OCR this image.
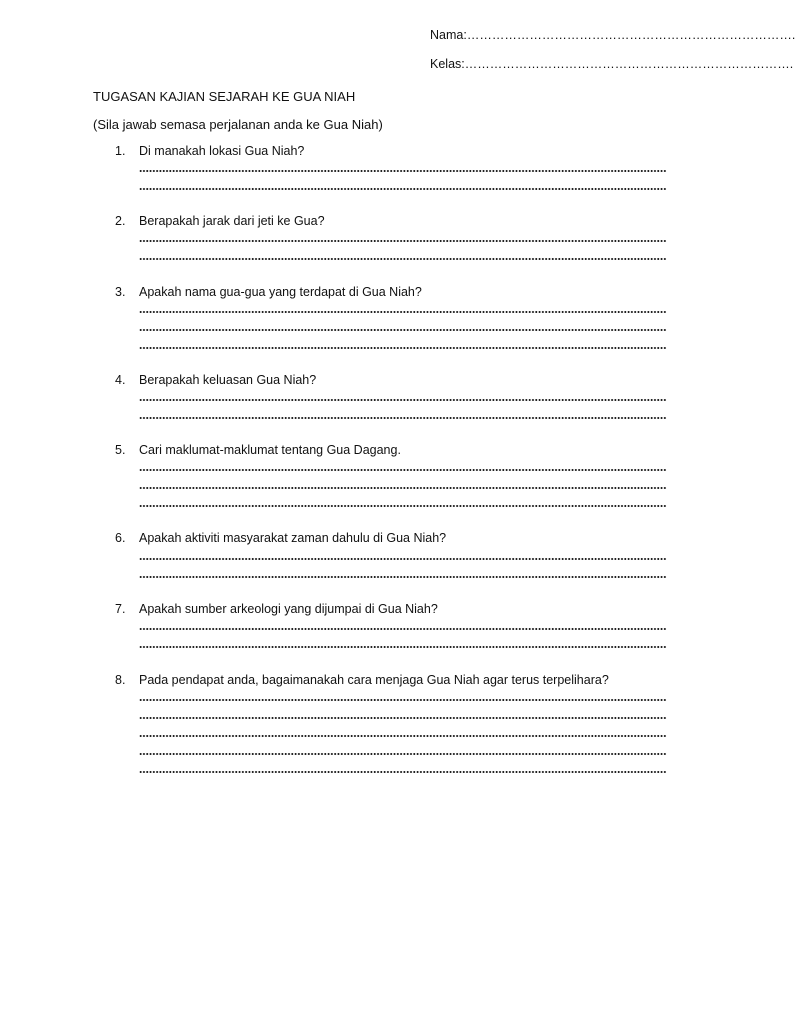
Nama:…………………………………………………………………….
Kelas:…………………………………………………………………….
TUGASAN KAJIAN SEJARAH KE GUA NIAH
(Sila jawab semasa perjalanan anda ke Gua Niah)
1.	Di manakah lokasi Gua Niah?
2.	Berapakah jarak dari jeti ke Gua?
3.	Apakah nama gua-gua yang terdapat di Gua Niah?
4.	Berapakah keluasan Gua Niah?
5.	Cari maklumat-maklumat tentang Gua Dagang.
6.	Apakah aktiviti masyarakat zaman dahulu di Gua Niah?
7.	Apakah sumber arkeologi yang dijumpai di Gua Niah?
8.	Pada pendapat anda, bagaimanakah cara menjaga Gua Niah agar terus terpelihara?
